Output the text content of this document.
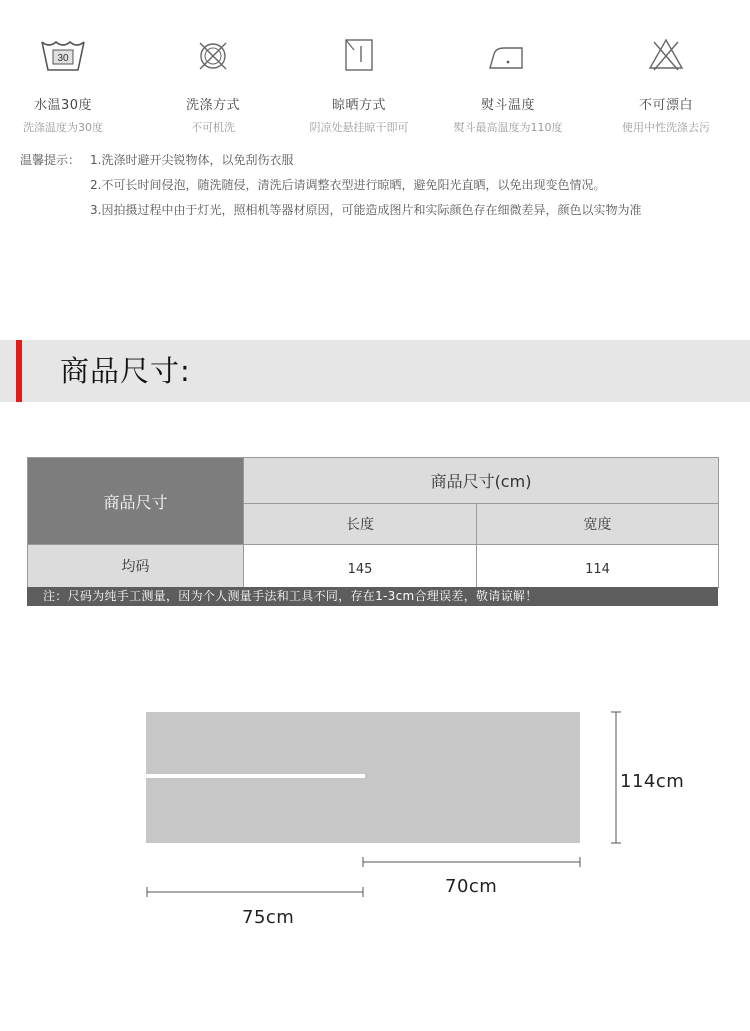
30
水温30度
洗涤温度为30度
洗涤方式
不可机洗
晾晒方式
阴凉处悬挂晾干即可
熨斗温度
熨斗最高温度为110度
不可漂白
使用中性洗涤去污
温馨提示： 1.洗涤时避开尖锐物体，以免刮伤衣服
2.不可长时间侵泡，随洗随侵，清洗后请调整衣型进行晾晒，避免阳光直晒，以免出现变色情况。
3.因拍摄过程中由于灯光，照相机等器材原因，可能造成图片和实际颜色存在细微差异，颜色以实物为准
商品尺寸:
商品尺寸	商品尺寸(cm)	
	长度	宽度
均码	145	114
注：尺码为纯手工测量，因为个人测量手法和工具不同，存在1-3cm合理误差，敬请谅解！
114cm
70cm
75cm
